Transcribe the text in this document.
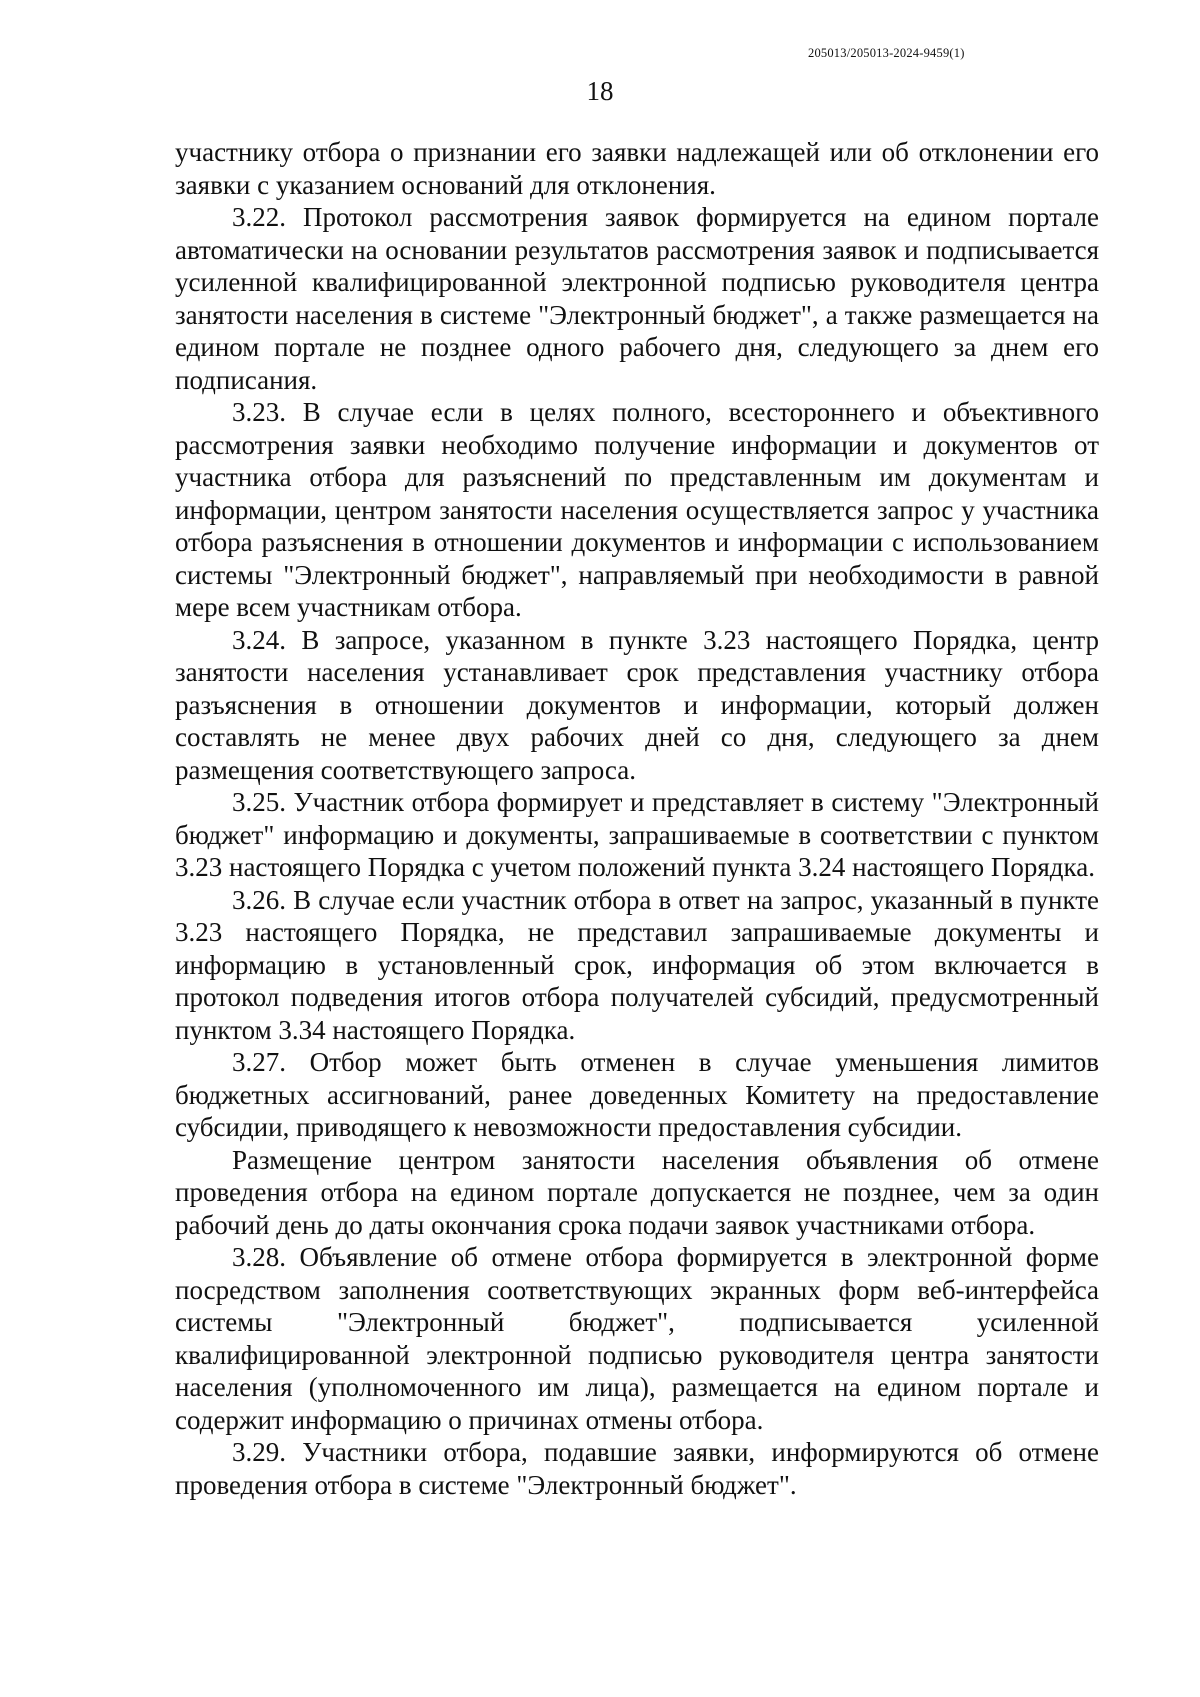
205013/205013-2024-9459(1)
18

участнику отбора о признании его заявки надлежащей или об отклонении его заявки с указанием оснований для отклонения.

3.22. Протокол рассмотрения заявок формируется на едином портале автоматически на основании результатов рассмотрения заявок и подписывается усиленной квалифицированной электронной подписью руководителя центра занятости населения в системе "Электронный бюджет", а также размещается на едином портале не позднее одного рабочего дня, следующего за днем его подписания.

3.23. В случае если в целях полного, всестороннего и объективного рассмотрения заявки необходимо получение информации и документов от участника отбора для разъяснений по представленным им документам и информации, центром занятости населения осуществляется запрос у участника отбора разъяснения в отношении документов и информации с использованием системы "Электронный бюджет", направляемый при необходимости в равной мере всем участникам отбора.

3.24. В запросе, указанном в пункте 3.23 настоящего Порядка, центр занятости населения устанавливает срок представления участнику отбора разъяснения в отношении документов и информации, который должен составлять не менее двух рабочих дней со дня, следующего за днем размещения соответствующего запроса.

3.25. Участник отбора формирует и представляет в систему "Электронный бюджет" информацию и документы, запрашиваемые в соответствии с пунктом 3.23 настоящего Порядка с учетом положений пункта 3.24 настоящего Порядка.

3.26. В случае если участник отбора в ответ на запрос, указанный в пункте 3.23 настоящего Порядка, не представил запрашиваемые документы и информацию в установленный срок, информация об этом включается в протокол подведения итогов отбора получателей субсидий, предусмотренный пунктом 3.34 настоящего Порядка.

3.27. Отбор может быть отменен в случае уменьшения лимитов бюджетных ассигнований, ранее доведенных Комитету на предоставление субсидии, приводящего к невозможности предоставления субсидии.

Размещение центром занятости населения объявления об отмене проведения отбора на едином портале допускается не позднее, чем за один рабочий день до даты окончания срока подачи заявок участниками отбора.

3.28. Объявление об отмене отбора формируется в электронной форме посредством заполнения соответствующих экранных форм веб-интерфейса системы "Электронный бюджет", подписывается усиленной квалифицированной электронной подписью руководителя центра занятости населения (уполномоченного им лица), размещается на едином портале и содержит информацию о причинах отмены отбора.

3.29. Участники отбора, подавшие заявки, информируются об отмене проведения отбора в системе "Электронный бюджет".
